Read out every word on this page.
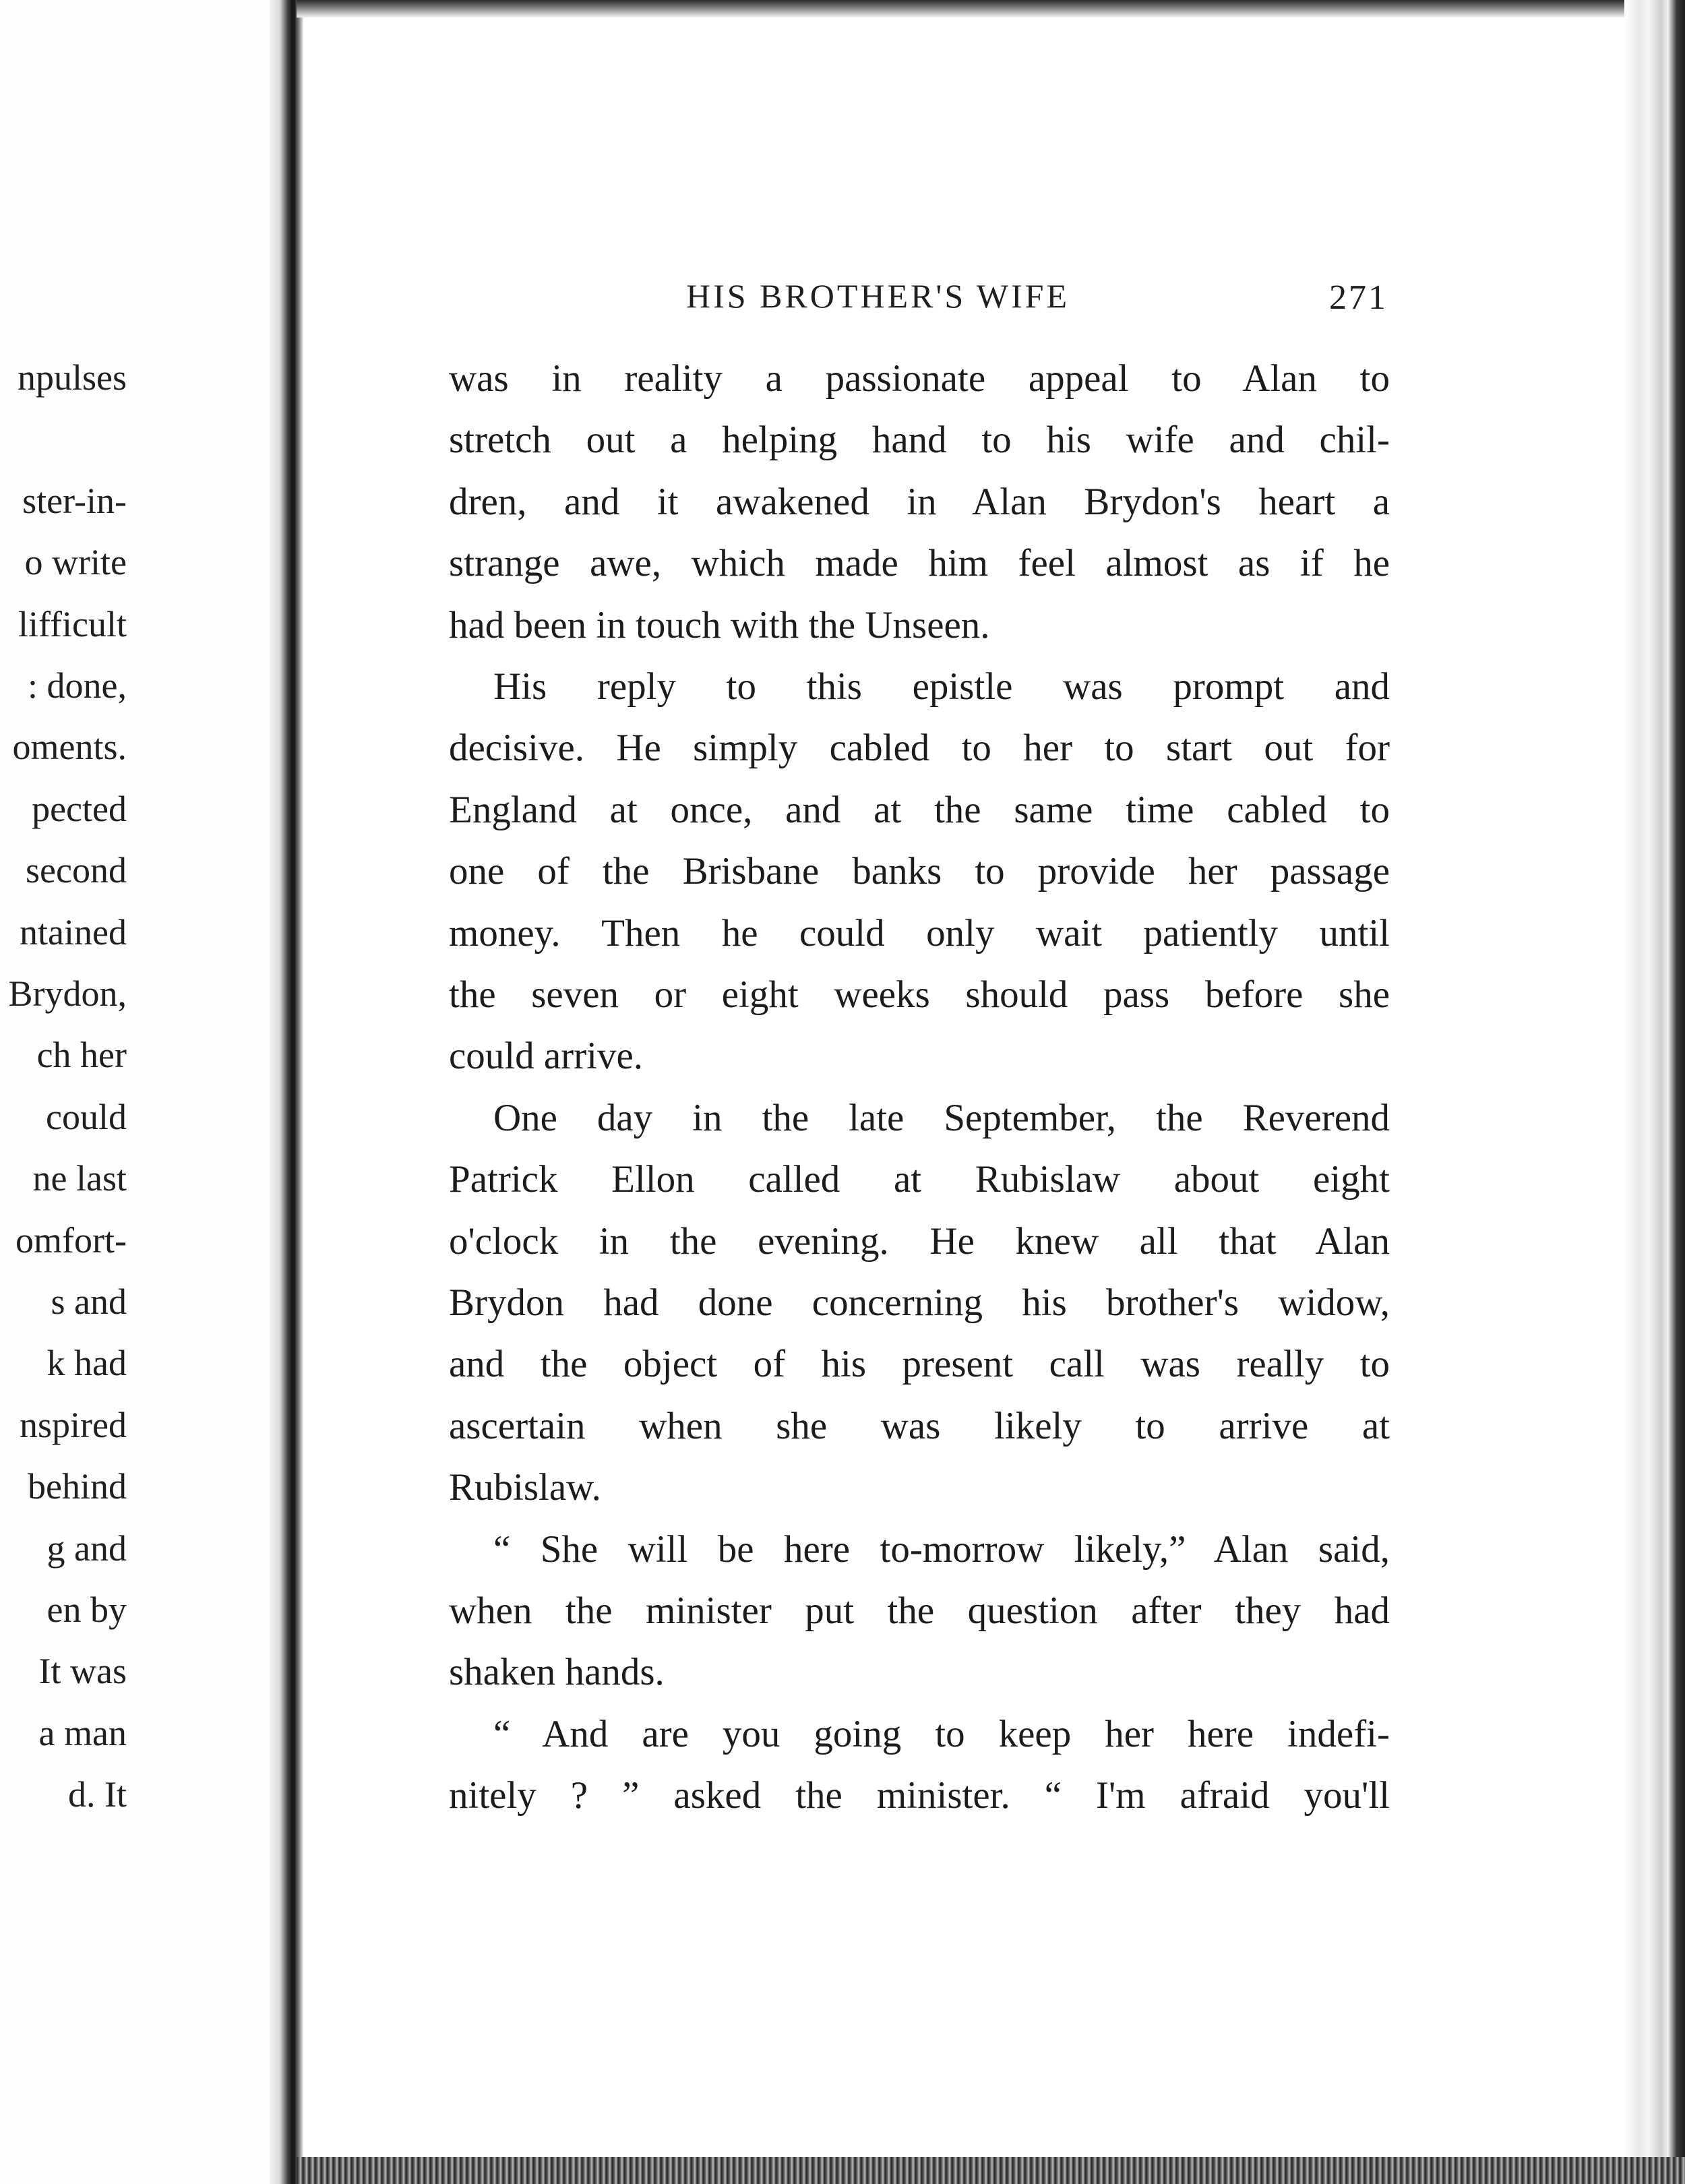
npulses
ster-in-
o write
lifficult
: done,
oments.
pected
second
ntained
Brydon,
ch her
could
ne last
omfort-
s and
k had
nspired
behind
g and
en by
It was
a man
d. It
HIS BROTHER'S WIFE	271
was in reality a passionate appeal to Alan to
stretch out a helping hand to his wife and chil-
dren, and it awakened in Alan Brydon's heart a
strange awe, which made him feel almost as if he
had been in touch with the Unseen.
His reply to this epistle was prompt and
decisive. He simply cabled to her to start out for
England at once, and at the same time cabled to
one of the Brisbane banks to provide her passage
money. Then he could only wait patiently until
the seven or eight weeks should pass before she
could arrive.
One day in the late September, the Reverend
Patrick Ellon called at Rubislaw about eight
o'clock in the evening. He knew all that Alan
Brydon had done concerning his brother's widow,
and the object of his present call was really to
ascertain when she was likely to arrive at
Rubislaw.
“ She will be here to-morrow likely,” Alan said,
when the minister put the question after they had
shaken hands.
“ And are you going to keep her here indefi-
nitely ? ” asked the minister. “ I'm afraid you'll
